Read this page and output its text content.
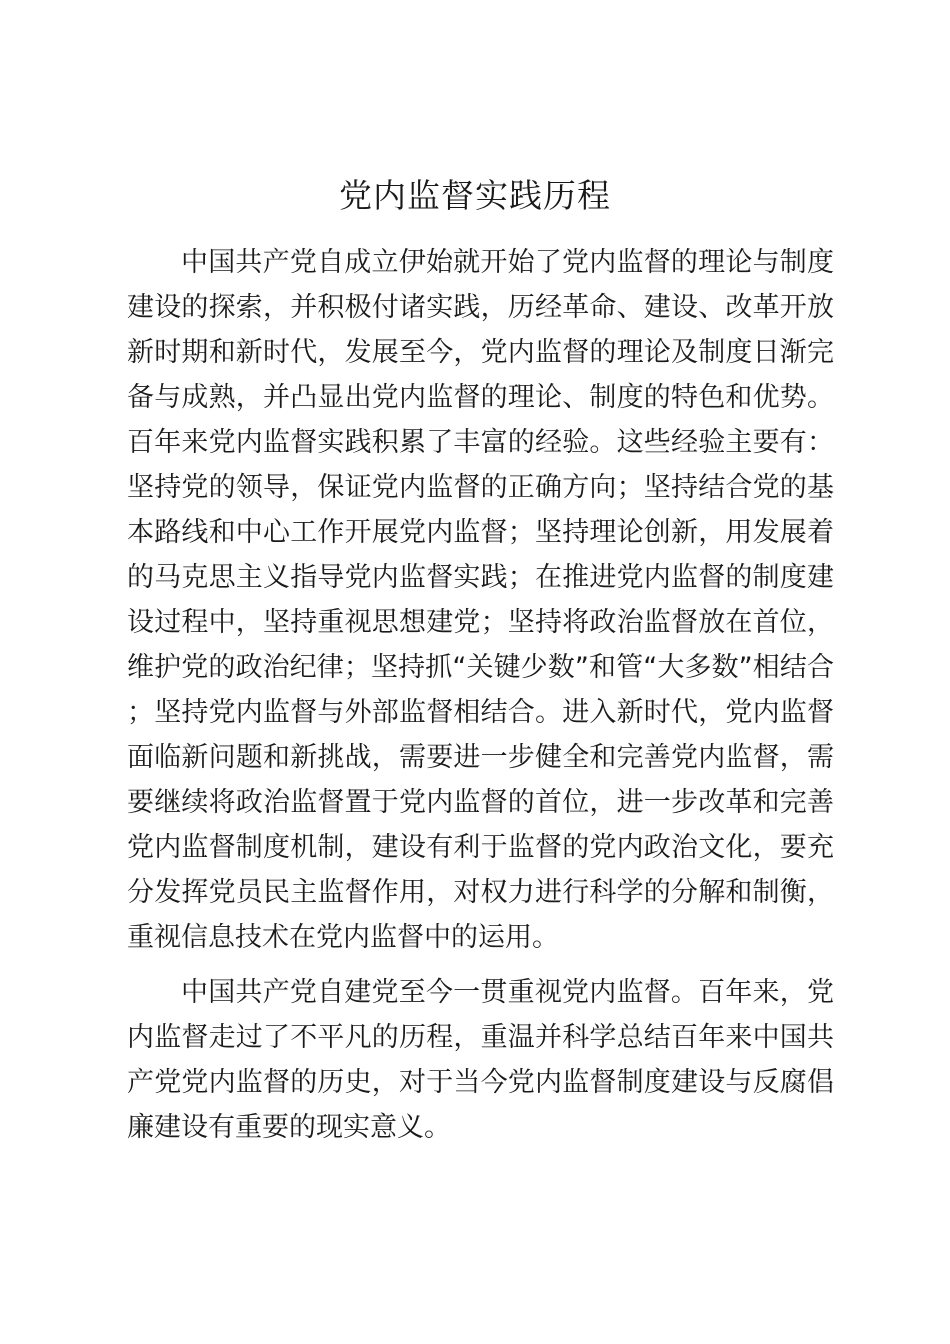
党内监督实践历程

中国共产党自成立伊始就开始了党内监督的理论与制度建设的探索，并积极付诸实践，历经革命、建设、改革开放新时期和新时代，发展至今，党内监督的理论及制度日渐完备与成熟，并凸显出党内监督的理论、制度的特色和优势。百年来党内监督实践积累了丰富的经验。这些经验主要有：坚持党的领导，保证党内监督的正确方向；坚持结合党的基本路线和中心工作开展党内监督；坚持理论创新，用发展着的马克思主义指导党内监督实践；在推进党内监督的制度建设过程中，坚持重视思想建党；坚持将政治监督放在首位，维护党的政治纪律；坚持抓“关键少数”和管“大多数”相结合；坚持党内监督与外部监督相结合。进入新时代，党内监督面临新问题和新挑战，需要进一步健全和完善党内监督，需要继续将政治监督置于党内监督的首位，进一步改革和完善党内监督制度机制，建设有利于监督的党内政治文化，要充分发挥党员民主监督作用，对权力进行科学的分解和制衡，重视信息技术在党内监督中的运用。

中国共产党自建党至今一贯重视党内监督。百年来，党内监督走过了不平凡的历程，重温并科学总结百年来中国共产党党内监督的历史，对于当今党内监督制度建设与反腐倡廉建设有重要的现实意义。
